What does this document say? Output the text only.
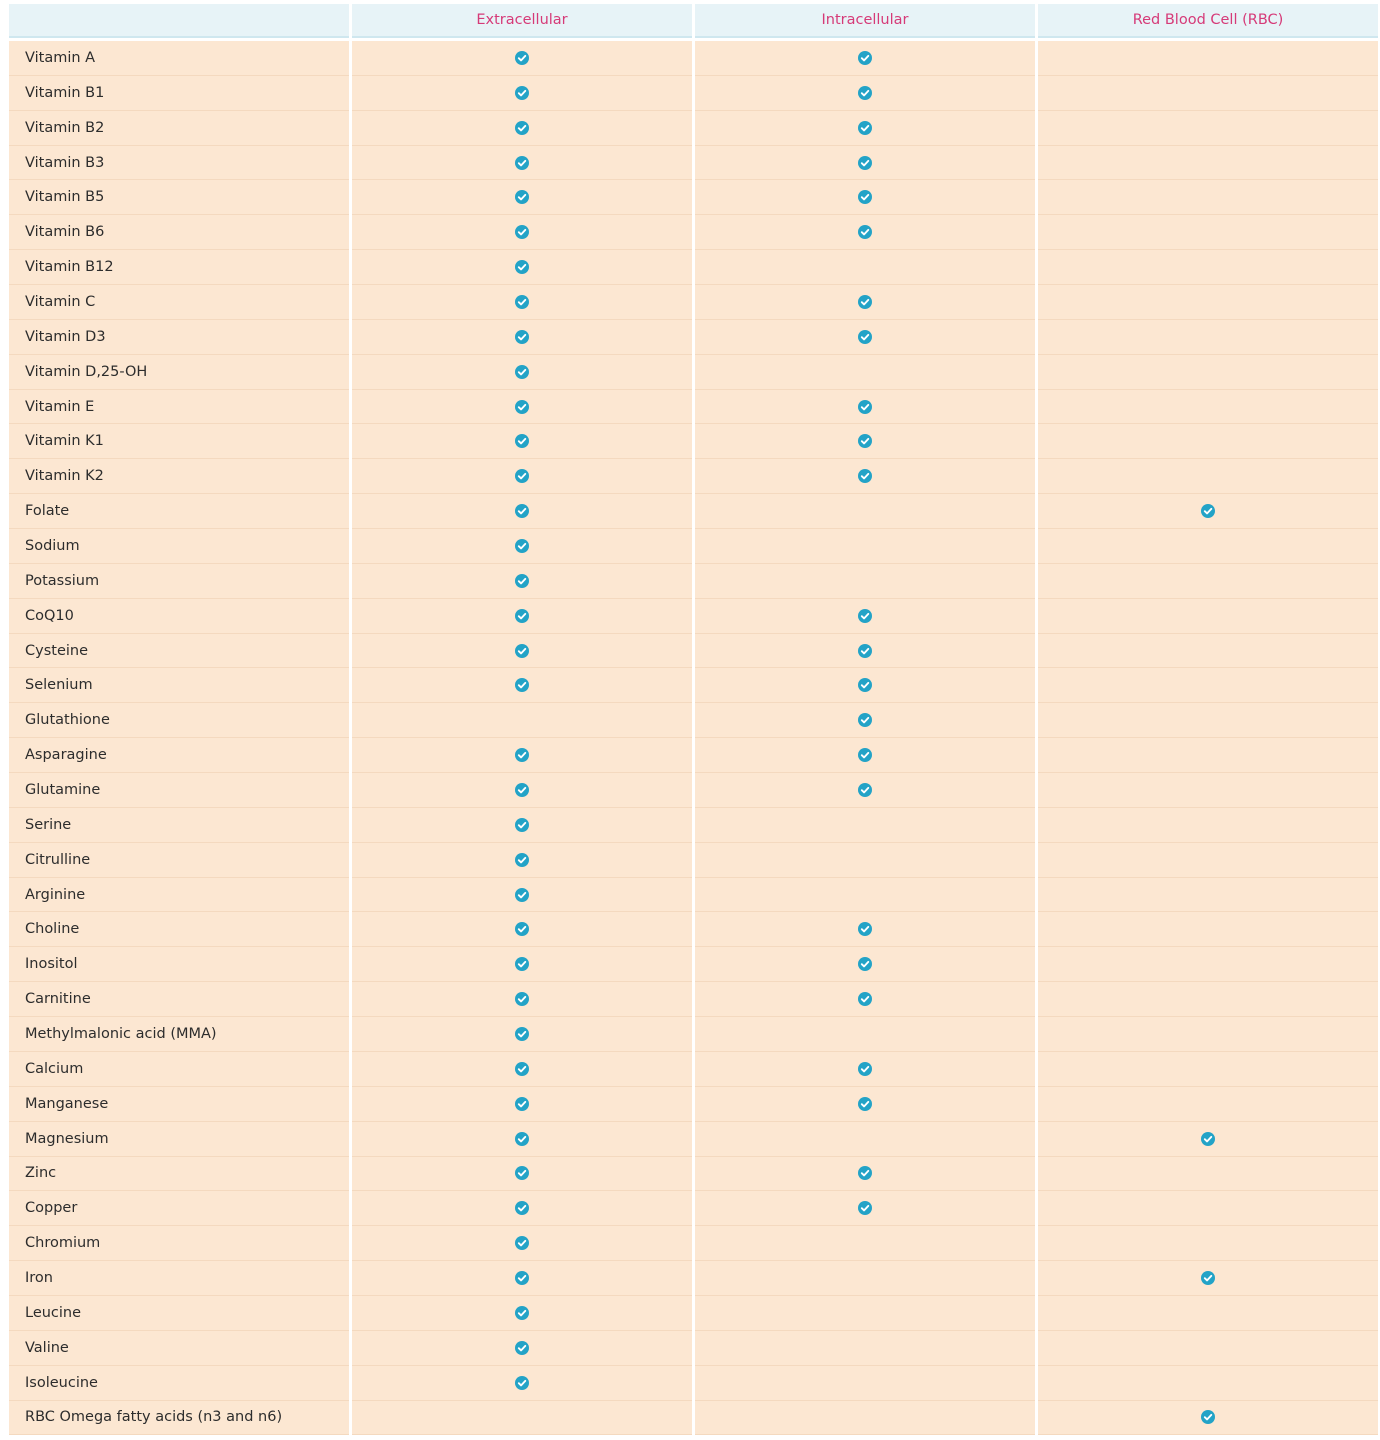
Extracellular	Intracellular	Red Blood Cell (RBC)
Vitamin A
Vitamin B1
Vitamin B2
Vitamin B3
Vitamin B5
Vitamin B6
Vitamin B12
Vitamin C
Vitamin D3
Vitamin D,25-OH
Vitamin E
Vitamin K1
Vitamin K2
Folate
Sodium
Potassium
CoQ10
Cysteine
Selenium
Glutathione
Asparagine
Glutamine
Serine
Citrulline
Arginine
Choline
Inositol
Carnitine
Methylmalonic acid (MMA)
Calcium
Manganese
Magnesium
Zinc
Copper
Chromium
Iron
Leucine
Valine
Isoleucine
RBC Omega fatty acids (n3 and n6)
